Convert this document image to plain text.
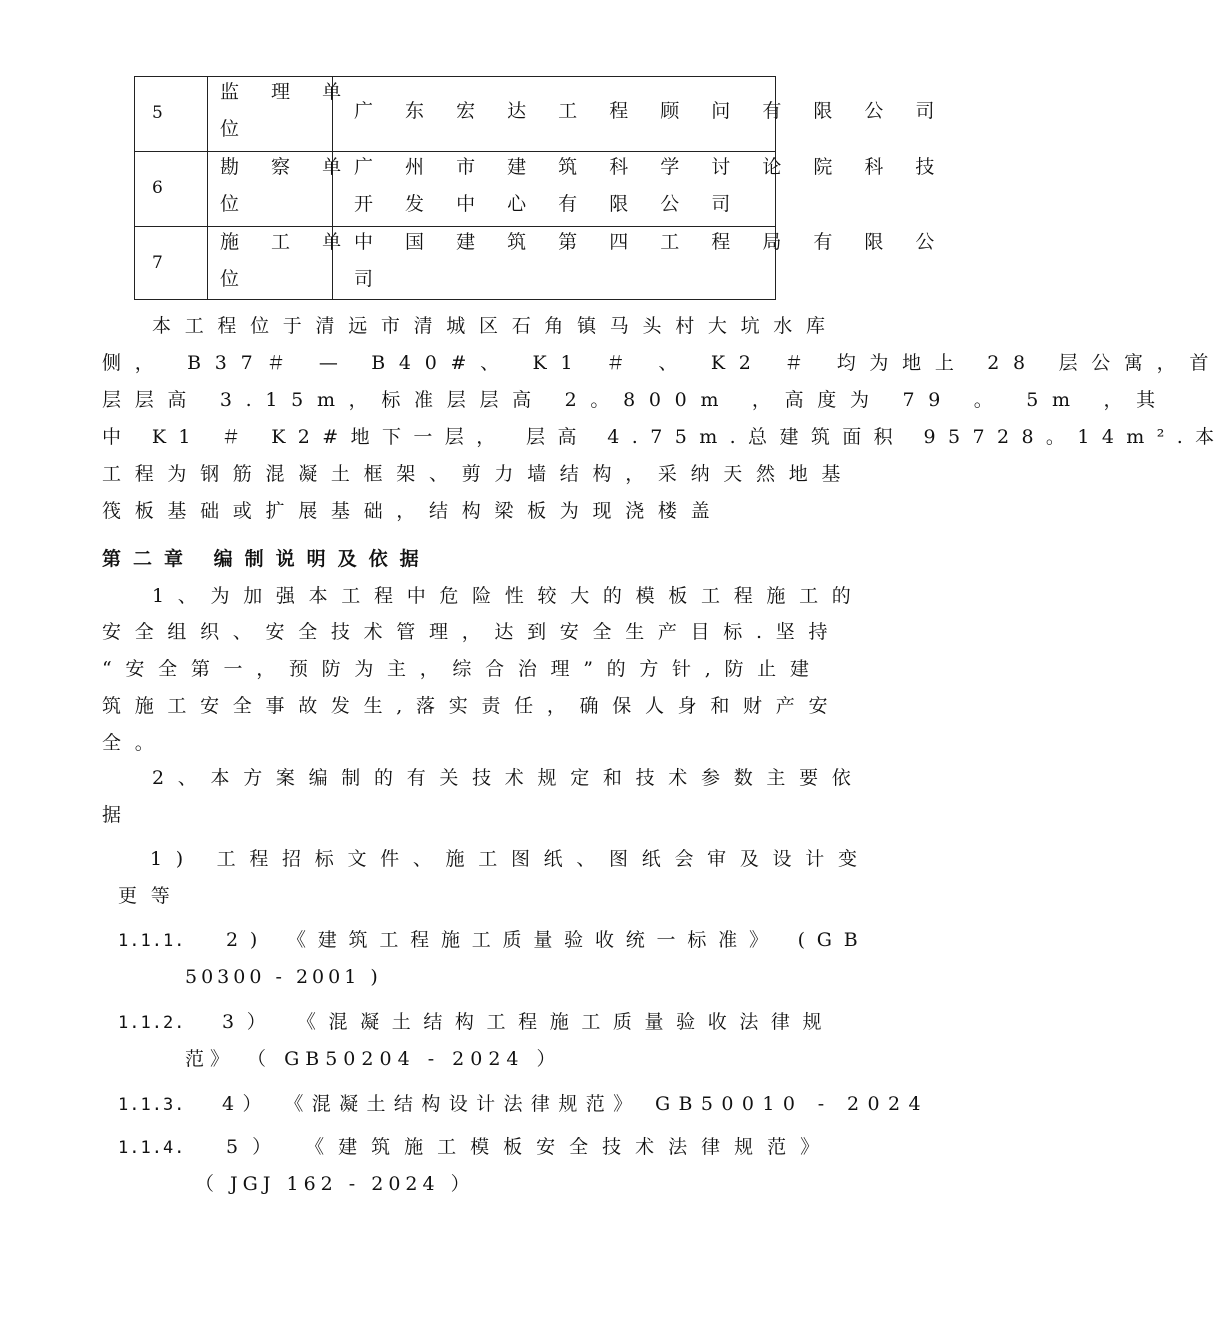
5
监 理 单
位
广 东 宏 达 工 程 顾 问 有 限 公 司
6
勘 察 单
位
广 州 市 建 筑 科 学 讨 论 院 科 技
开 发 中 心 有 限 公 司
7
施 工 单
位
中 国 建 筑 第 四 工 程 局 有 限 公
司
本工程位于清远市清城区石角镇马头村大坑水库
侧， B37＃ — B40#、 K1 ＃ 、 K2 ＃ 均为地上 28 层公寓，首
层层高 3.15m，标准层层高 2。800m ，高度为 79 。 5m ，其
中 K1 ＃ K2#地下一层， 层高 4.75m.总建筑面积 95728。14m².本
工程为钢筋混凝土框架、剪力墙结构，采纳天然地基
筏板基础或扩展基础，结构梁板为现浇楼盖
第二章 编制说明及依据
1、为加强本工程中危险性较大的模板工程施工的
安全组织、安全技术管理，达到安全生产目标.坚持
“安全第一，预防为主，综合治理”的方针,防止建
筑施工安全事故发生,落实责任，确保人身和财产安
全。
2、本方案编制的有关技术规定和技术参数主要依
据
1) 工程招标文件、施工图纸、图纸会审及设计变
更等
1.1.1. 2) 《建筑工程施工质量验收统一标准》 (GB
50300 - 2001 )
1.1.2. 3） 《混凝土结构工程施工质量验收法律规
范》 （ GB50204 - 2024 ）
1.1.3. 4） 《混凝土结构设计法律规范》 GB50010 - 2024
1.1.4. 5） 《建筑施工模板安全技术法律规范》
（ JGJ 162 - 2024 ）
